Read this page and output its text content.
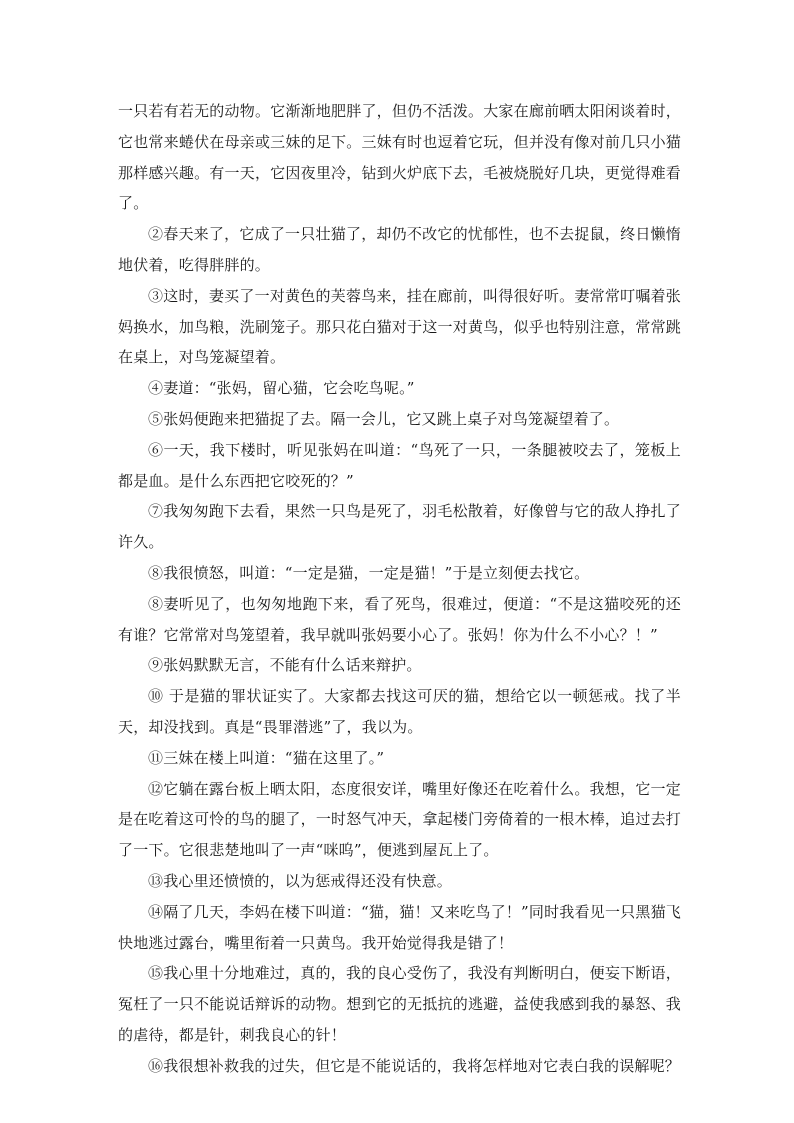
一只若有若无的动物。它渐渐地肥胖了，但仍不活泼。大家在廊前晒太阳闲谈着时，它也常来蜷伏在母亲或三妹的足下。三妹有时也逗着它玩，但并没有像对前几只小猫那样感兴趣。有一天，它因夜里冷，钻到火炉底下去，毛被烧脱好几块，更觉得难看了。

②春天来了，它成了一只壮猫了，却仍不改它的忧郁性，也不去捉鼠，终日懒惰地伏着，吃得胖胖的。

③这时，妻买了一对黄色的芙蓉鸟来，挂在廊前，叫得很好听。妻常常叮嘱着张妈换水，加鸟粮，洗刷笼子。那只花白猫对于这一对黄鸟，似乎也特别注意，常常跳在桌上，对鸟笼凝望着。

④妻道：“张妈，留心猫，它会吃鸟呢。”

⑤张妈便跑来把猫捉了去。隔一会儿，它又跳上桌子对鸟笼凝望着了。

⑥一天，我下楼时，听见张妈在叫道：“鸟死了一只，一条腿被咬去了，笼板上都是血。是什么东西把它咬死的？”

⑦我匆匆跑下去看，果然一只鸟是死了，羽毛松散着，好像曾与它的敌人挣扎了许久。

⑧我很愤怒，叫道：“一定是猫，一定是猫！”于是立刻便去找它。

⑧妻听见了，也匆匆地跑下来，看了死鸟，很难过，便道：“不是这猫咬死的还有谁？它常常对鸟笼望着，我早就叫张妈要小心了。张妈！你为什么不小心？！”

⑨张妈默默无言，不能有什么话来辩护。

⑩ 于是猫的罪状证实了。大家都去找这可厌的猫，想给它以一顿惩戒。找了半天，却没找到。真是“畏罪潜逃”了，我以为。

⑪三妹在楼上叫道：“猫在这里了。”

⑫它躺在露台板上晒太阳，态度很安详，嘴里好像还在吃着什么。我想，它一定是在吃着这可怜的鸟的腿了，一时怒气冲天，拿起楼门旁倚着的一根木棒，追过去打了一下。它很悲楚地叫了一声“咪呜”，便逃到屋瓦上了。

⑬我心里还愤愤的，以为惩戒得还没有快意。

⑭隔了几天，李妈在楼下叫道：“猫，猫！又来吃鸟了！”同时我看见一只黑猫飞快地逃过露台，嘴里衔着一只黄鸟。我开始觉得我是错了！

⑮我心里十分地难过，真的，我的良心受伤了，我没有判断明白，便妄下断语，冤枉了一只不能说话辩诉的动物。想到它的无抵抗的逃避，益使我感到我的暴怒、我的虐待，都是针，刺我良心的针！

⑯我很想补救我的过失，但它是不能说话的，我将怎样地对它表白我的误解呢？
